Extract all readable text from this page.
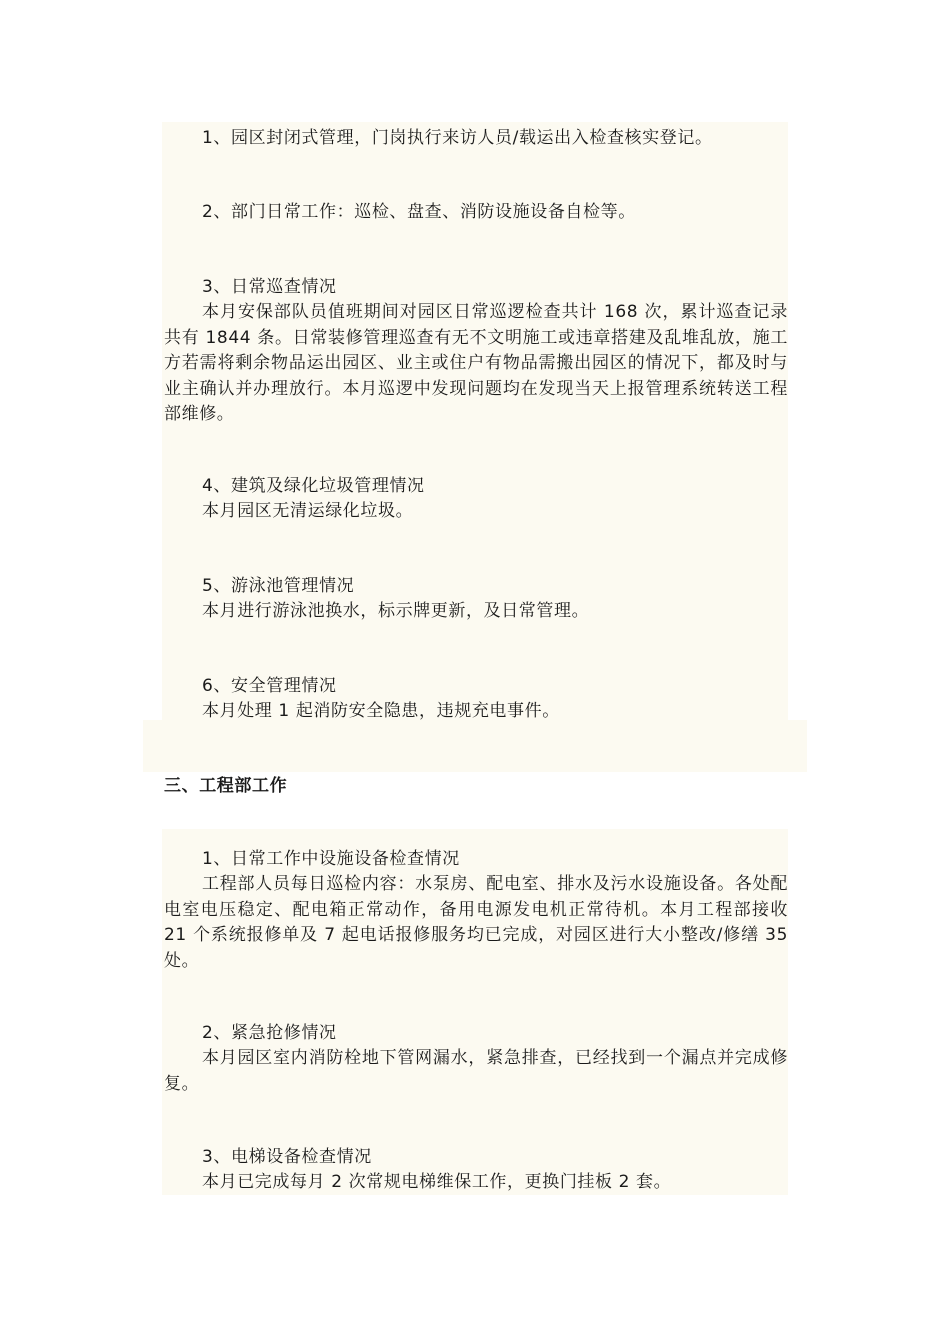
1、园区封闭式管理，门岗执行来访人员/载运出入检查核实登记。
2、部门日常工作：巡检、盘查、消防设施设备自检等。
3、日常巡查情况
本月安保部队员值班期间对园区日常巡逻检查共计 168 次，累计巡查记录共有 1844 条。日常装修管理巡查有无不文明施工或违章搭建及乱堆乱放，施工方若需将剩余物品运出园区、业主或住户有物品需搬出园区的情况下，都及时与业主确认并办理放行。本月巡逻中发现问题均在发现当天上报管理系统转送工程部维修。
4、建筑及绿化垃圾管理情况
本月园区无清运绿化垃圾。
5、游泳池管理情况
本月进行游泳池换水，标示牌更新，及日常管理。
6、安全管理情况
本月处理 1 起消防安全隐患，违规充电事件。
三、工程部工作
1、日常工作中设施设备检查情况
工程部人员每日巡检内容：水泵房、配电室、排水及污水设施设备。各处配电室电压稳定、配电箱正常动作，备用电源发电机正常待机。本月工程部接收 21 个系统报修单及 7 起电话报修服务均已完成，对园区进行大小整改/修缮 35 处。
2、紧急抢修情况
本月园区室内消防栓地下管网漏水，紧急排查，已经找到一个漏点并完成修复。
3、电梯设备检查情况
本月已完成每月 2 次常规电梯维保工作，更换门挂板 2 套。
